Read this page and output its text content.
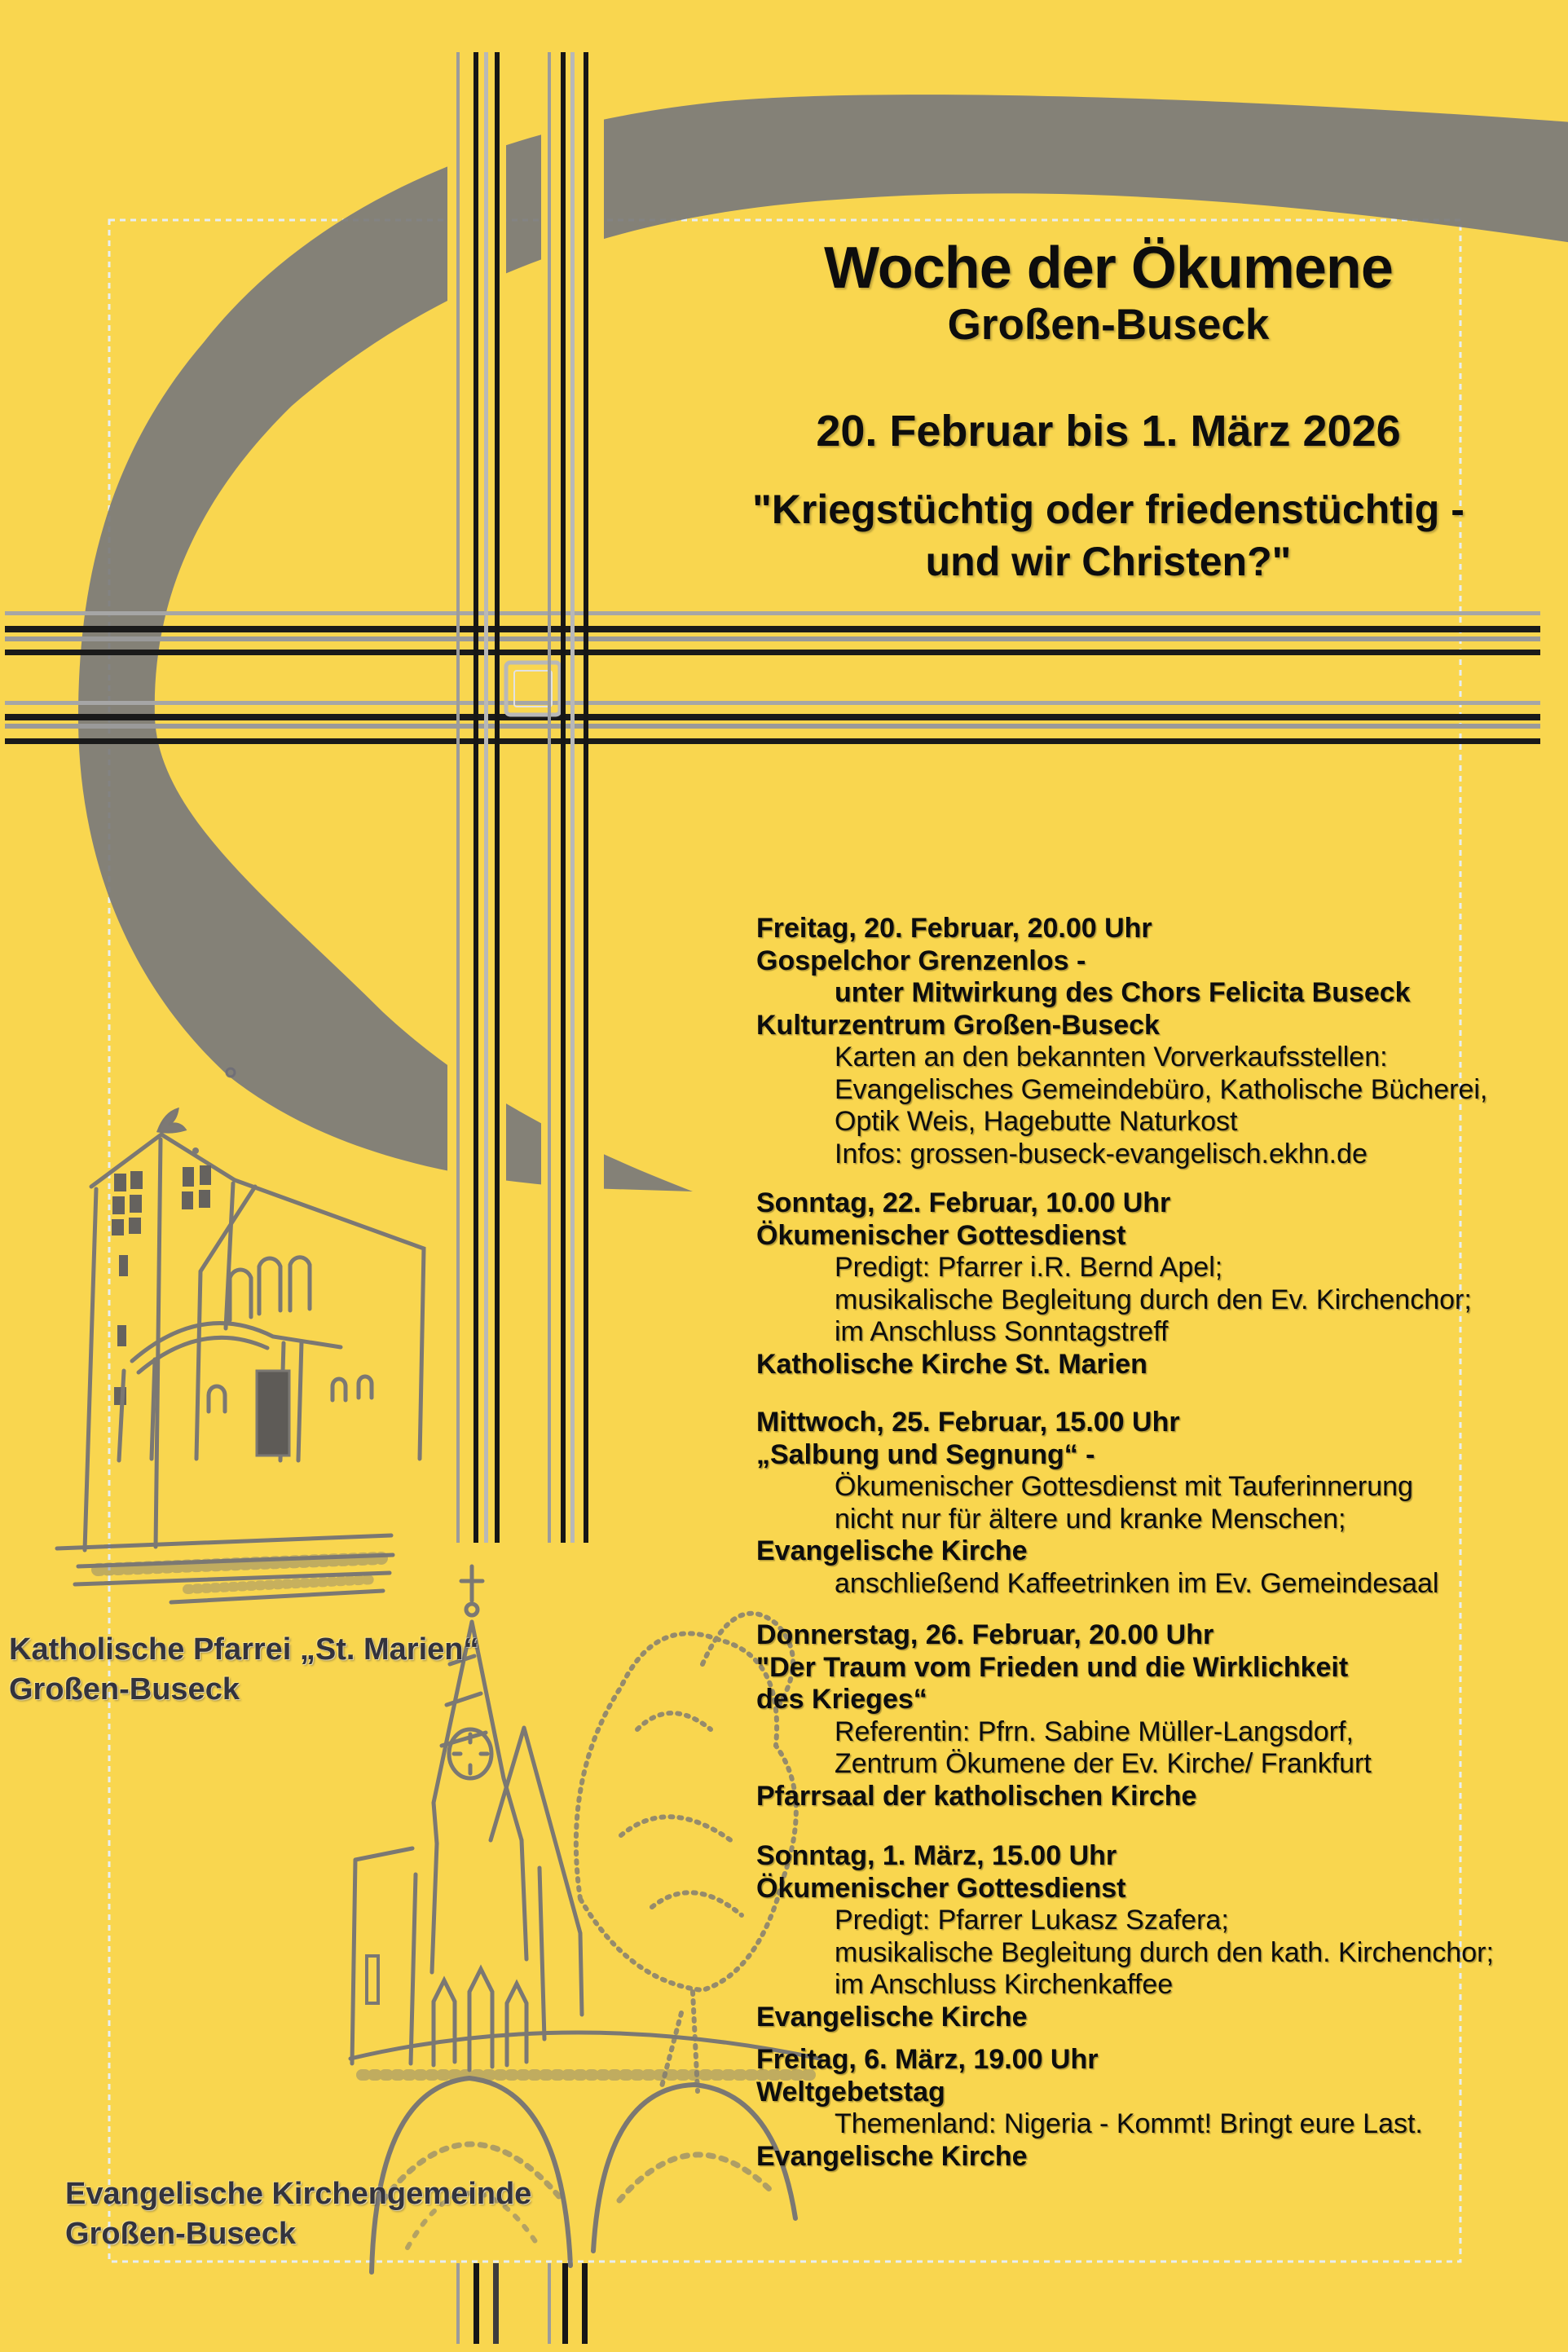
Woche der Ökumene
Großen-Buseck
20. Februar bis 1. März 2026
"Kriegstüchtig oder friedenstüchtig -
und wir Christen?"
Freitag, 20. Februar, 20.00 Uhr
Gospelchor Grenzenlos -
unter Mitwirkung des Chors Felicita Buseck
Kulturzentrum Großen-Buseck
Karten an den bekannten Vorverkaufsstellen:
Evangelisches Gemeindebüro, Katholische Bücherei,
Optik Weis, Hagebutte Naturkost
Infos: grossen-buseck-evangelisch.ekhn.de
Sonntag, 22. Februar, 10.00 Uhr
Ökumenischer Gottesdienst
Predigt: Pfarrer i.R. Bernd Apel;
musikalische Begleitung durch den Ev. Kirchenchor;
im Anschluss Sonntagstreff
Katholische Kirche St. Marien
Mittwoch, 25. Februar, 15.00 Uhr
„Salbung und Segnung“ -
Ökumenischer Gottesdienst mit Tauferinnerung
nicht nur für ältere und kranke Menschen;
Evangelische Kirche
anschließend Kaffeetrinken im Ev. Gemeindesaal
Donnerstag, 26. Februar, 20.00 Uhr
"Der Traum vom Frieden und die Wirklichkeit
des Krieges“
Referentin: Pfrn. Sabine Müller-Langsdorf,
Zentrum Ökumene der Ev. Kirche/ Frankfurt
Pfarrsaal der katholischen Kirche
Sonntag, 1. März, 15.00 Uhr
Ökumenischer Gottesdienst
Predigt: Pfarrer Lukasz Szafera;
musikalische Begleitung durch den kath. Kirchenchor;
im Anschluss Kirchenkaffee
Evangelische Kirche
Freitag, 6. März, 19.00 Uhr
Weltgebetstag
Themenland: Nigeria - Kommt! Bringt eure Last.
Evangelische Kirche
Katholische Pfarrei „St. Marien“
Großen-Buseck
Evangelische Kirchengemeinde
Großen-Buseck
